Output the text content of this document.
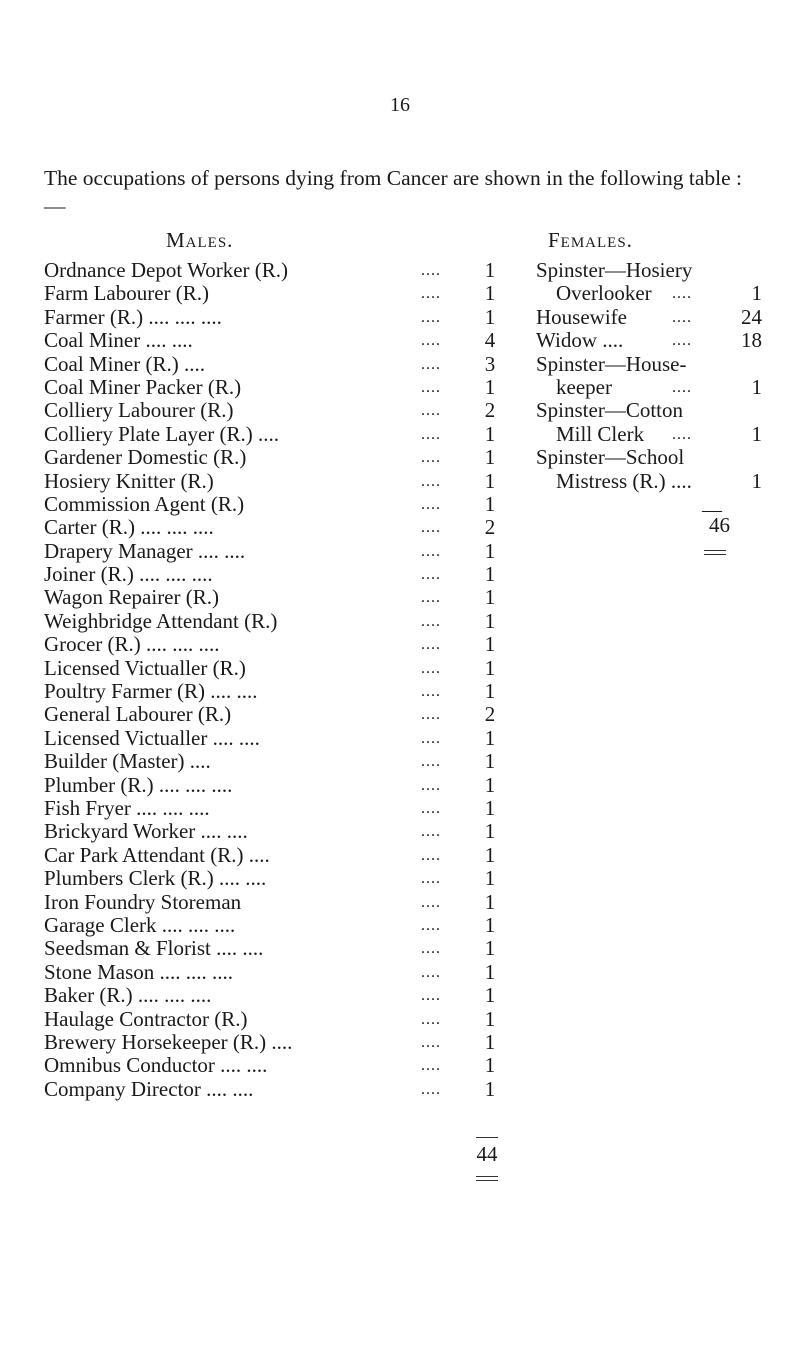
16
The occupations of persons dying from Cancer are shown in the following table :—
Males.	Females.
Ordnance Depot Worker (R.)	.... 1
Farm Labourer (R.)	.... 1
Farmer (R.) .... .... ....	.... 1
Coal Miner .... ....	.... 4
Coal Miner (R.) ....	.... 3
Coal Miner Packer (R.)	.... 1
Colliery Labourer (R.)	.... 2
Colliery Plate Layer (R.) ....	.... 1
Gardener Domestic (R.)	.... 1
Hosiery Knitter (R.)	.... 1
Commission Agent (R.)	.... 1
Carter (R.) .... .... ....	.... 2
Drapery Manager .... ....	.... 1
Joiner (R.) .... .... ....	.... 1
Wagon Repairer (R.)	.... 1
Weighbridge Attendant (R.)	.... 1
Grocer (R.) .... .... ....	.... 1
Licensed Victualler (R.)	.... 1
Poultry Farmer (R) .... ....	.... 1
General Labourer (R.)	.... 2
Licensed Victualler .... ....	.... 1
Builder (Master) ....	.... 1
Plumber (R.) .... .... ....	.... 1
Fish Fryer .... .... ....	.... 1
Brickyard Worker .... ....	.... 1
Car Park Attendant (R.) ....	.... 1
Plumbers Clerk (R.) .... ....	.... 1
Iron Foundry Storeman	.... 1
Garage Clerk .... .... ....	.... 1
Seedsman & Florist .... ....	.... 1
Stone Mason .... .... ....	.... 1
Baker (R.) .... .... ....	.... 1
Haulage Contractor (R.)	.... 1
Brewery Horsekeeper (R.) ....	.... 1
Omnibus Conductor .... ....	.... 1
Company Director .... ....	.... 1
44
Spinster—Hosiery
Overlooker ....	1
Housewife	....	24
Widow ....	....	18
Spinster—House-
keeper	....	1
Spinster—Cotton
Mill Clerk ....	1
Spinster—School
Mistress (R.) ....	1
—
46
